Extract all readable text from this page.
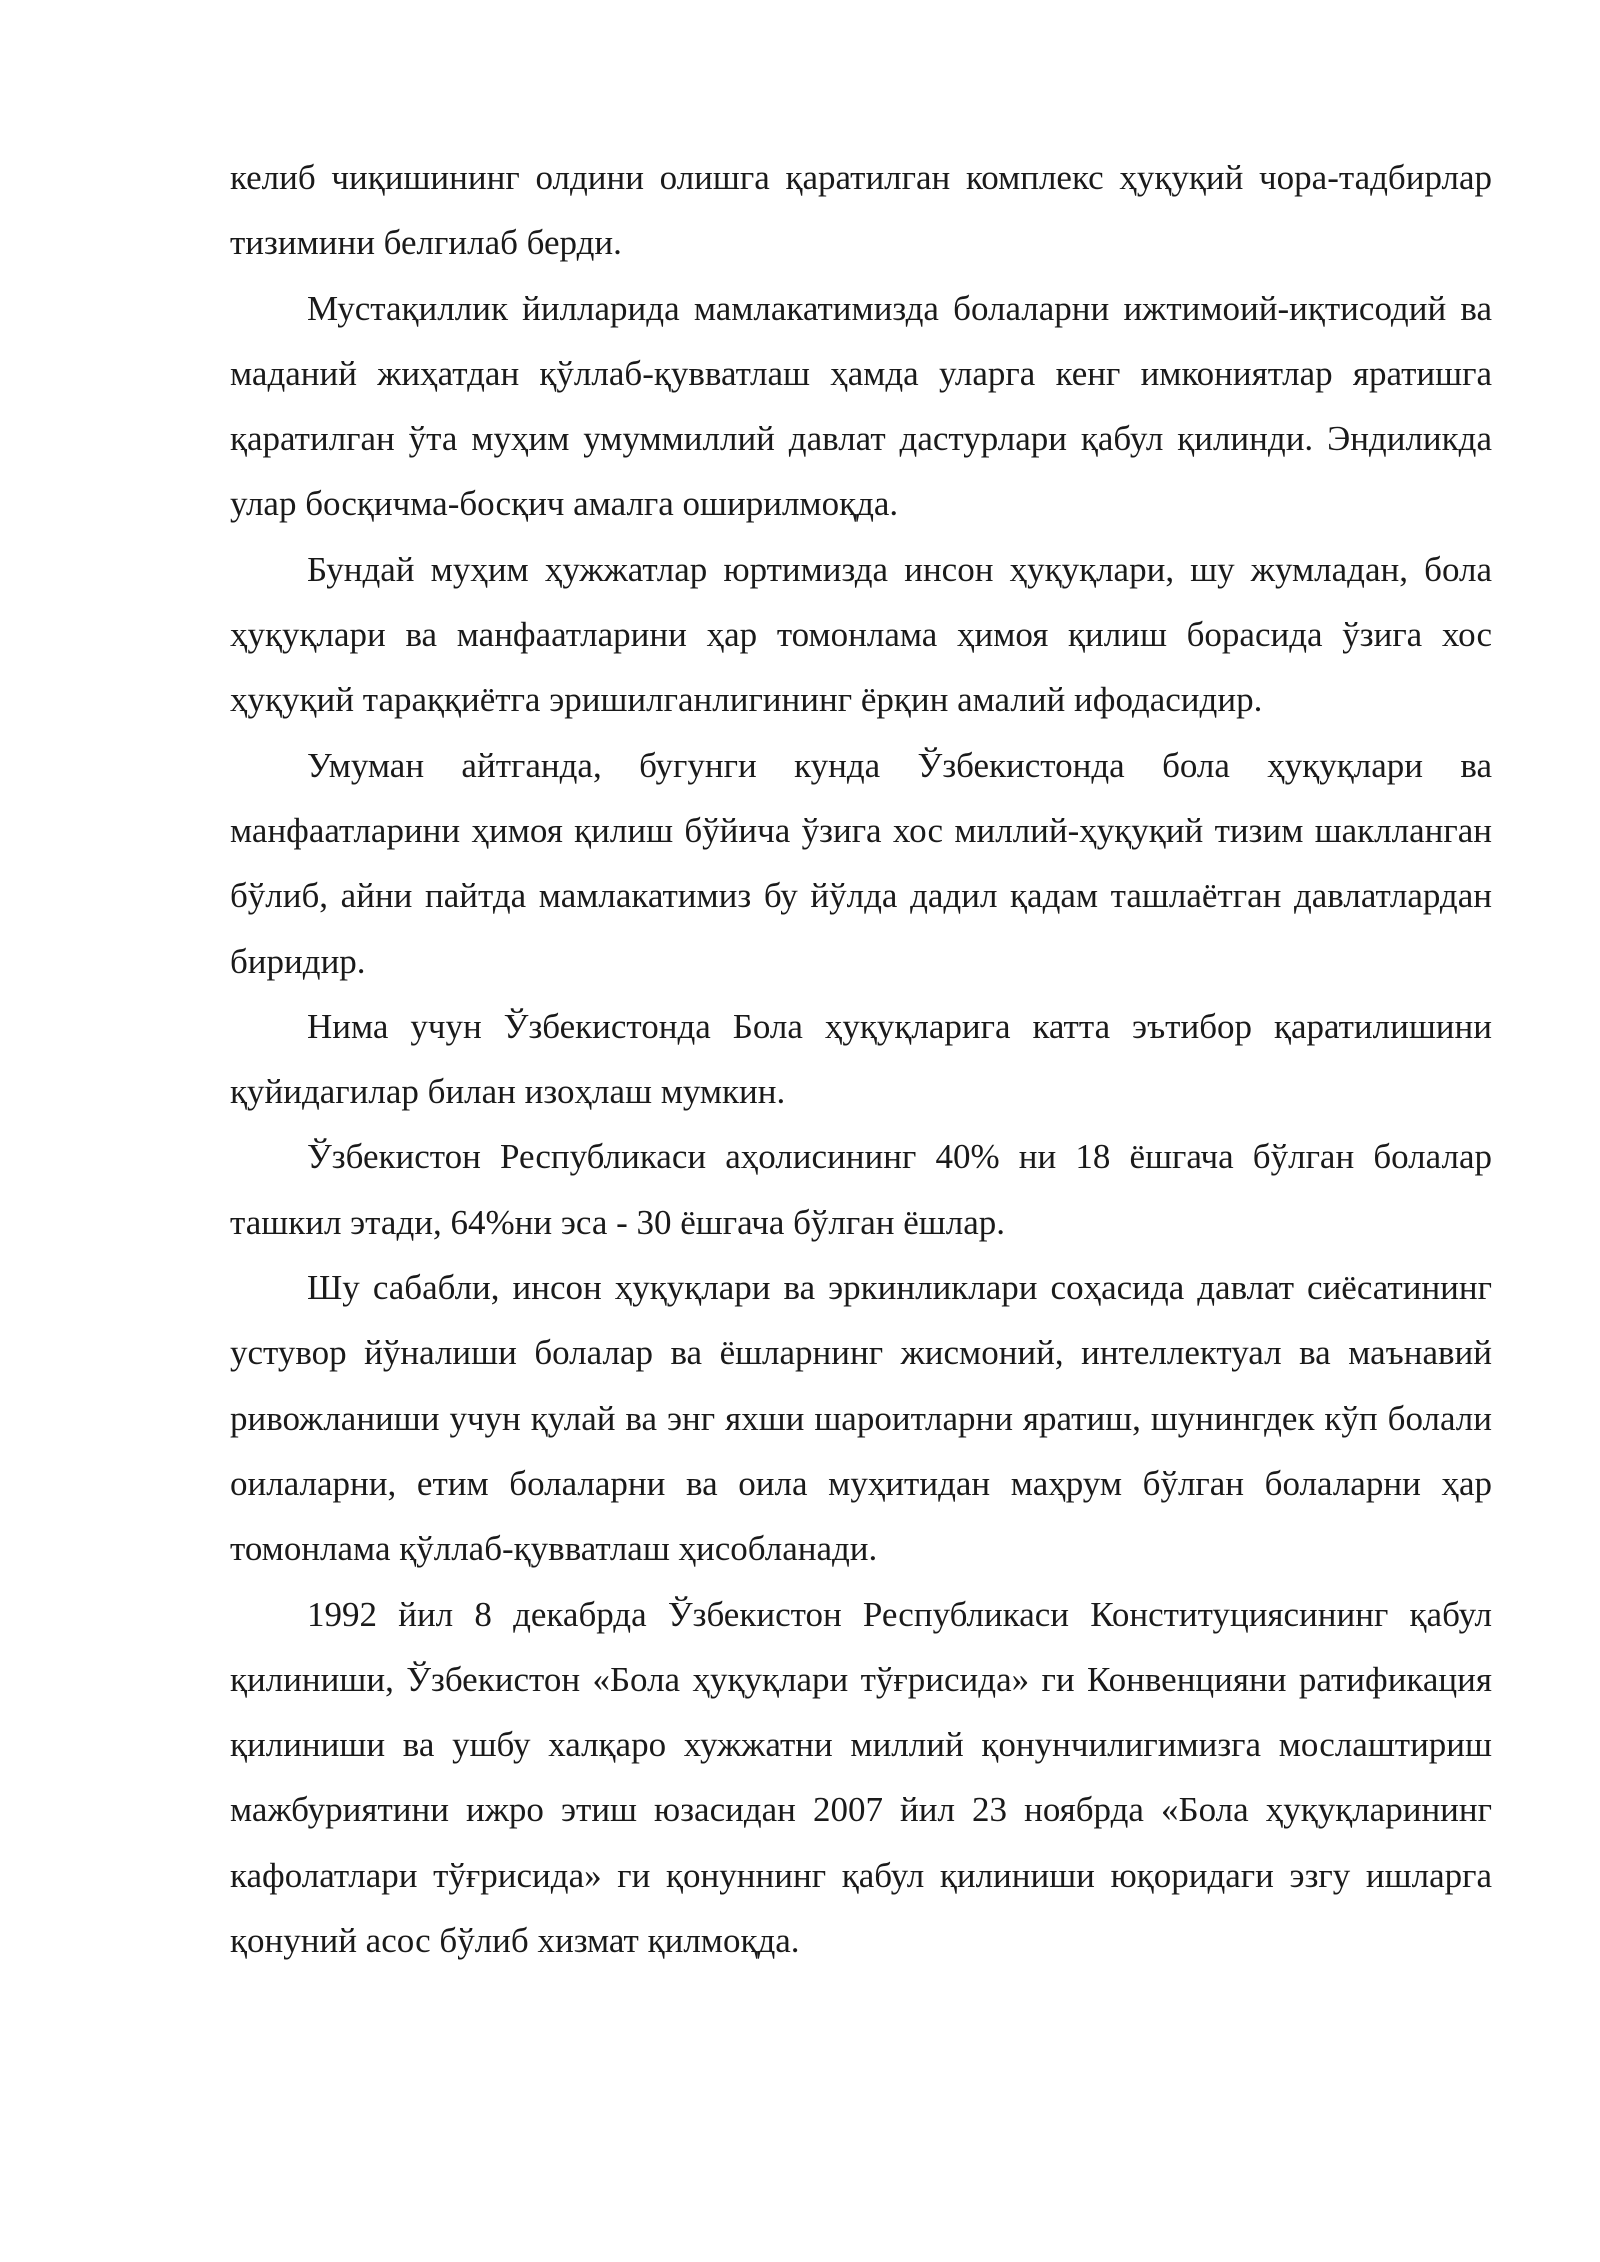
келиб чиқишининг олдини олишга қаратилган комплекс ҳуқуқий чора-тадбирлар тизимини белгилаб берди.

Мустақиллик йилларида мамлакатимизда болаларни ижтимоий-иқтисодий ва маданий жиҳатдан қўллаб-қувватлаш ҳамда уларга кенг имкониятлар яратишга қаратилган ўта муҳим умуммиллий давлат дастурлари қабул қилинди. Эндиликда улар босқичма-босқич амалга оширилмоқда.

Бундай муҳим ҳужжатлар юртимизда инсон ҳуқуқлари, шу жумладан, бола ҳуқуқлари ва манфаатларини ҳар томонлама ҳимоя қилиш борасида ўзига хос ҳуқуқий тараққиётга эришилганлигининг ёрқин амалий ифодасидир.

Умуман айтганда, бугунги кунда Ўзбекистонда бола ҳуқуқлари ва манфаатларини ҳимоя қилиш бўйича ўзига хос миллий-ҳуқуқий тизим шаклланган бўлиб, айни пайтда мамлакатимиз бу йўлда дадил қадам ташлаётган давлатлардан биридир.

Нима учун Ўзбекистонда Бола ҳуқуқларига катта эътибор қаратилишини қуйидагилар билан изоҳлаш мумкин.

Ўзбекистон Республикаси аҳолисининг 40% ни 18 ёшгача бўлган болалар ташкил этади, 64%ни эса - 30 ёшгача бўлган ёшлар.

Шу сабабли, инсон ҳуқуқлари ва эркинликлари соҳасида давлат сиёсатининг устувор йўналиши болалар ва ёшларнинг жисмоний, интеллектуал ва маънавий ривожланиши учун қулай ва энг яхши шароитларни яратиш, шунингдек кўп болали оилаларни, етим болаларни ва оила муҳитидан маҳрум бўлган болаларни ҳар томонлама қўллаб-қувватлаш ҳисобланади.

1992 йил 8 декабрда Ўзбекистон Республикаси Конституциясининг қабул қилиниши, Ўзбекистон «Бола ҳуқуқлари тўғрисида» ги Конвенцияни ратификация қилиниши ва ушбу халқаро хужжатни миллий қонунчилигимизга мослаштириш мажбуриятини ижро этиш юзасидан 2007 йил 23 ноябрда «Бола ҳуқуқларининг кафолатлари тўғрисида» ги қонуннинг қабул қилиниши юқоридаги эзгу ишларга қонуний асос бўлиб хизмат қилмоқда.
